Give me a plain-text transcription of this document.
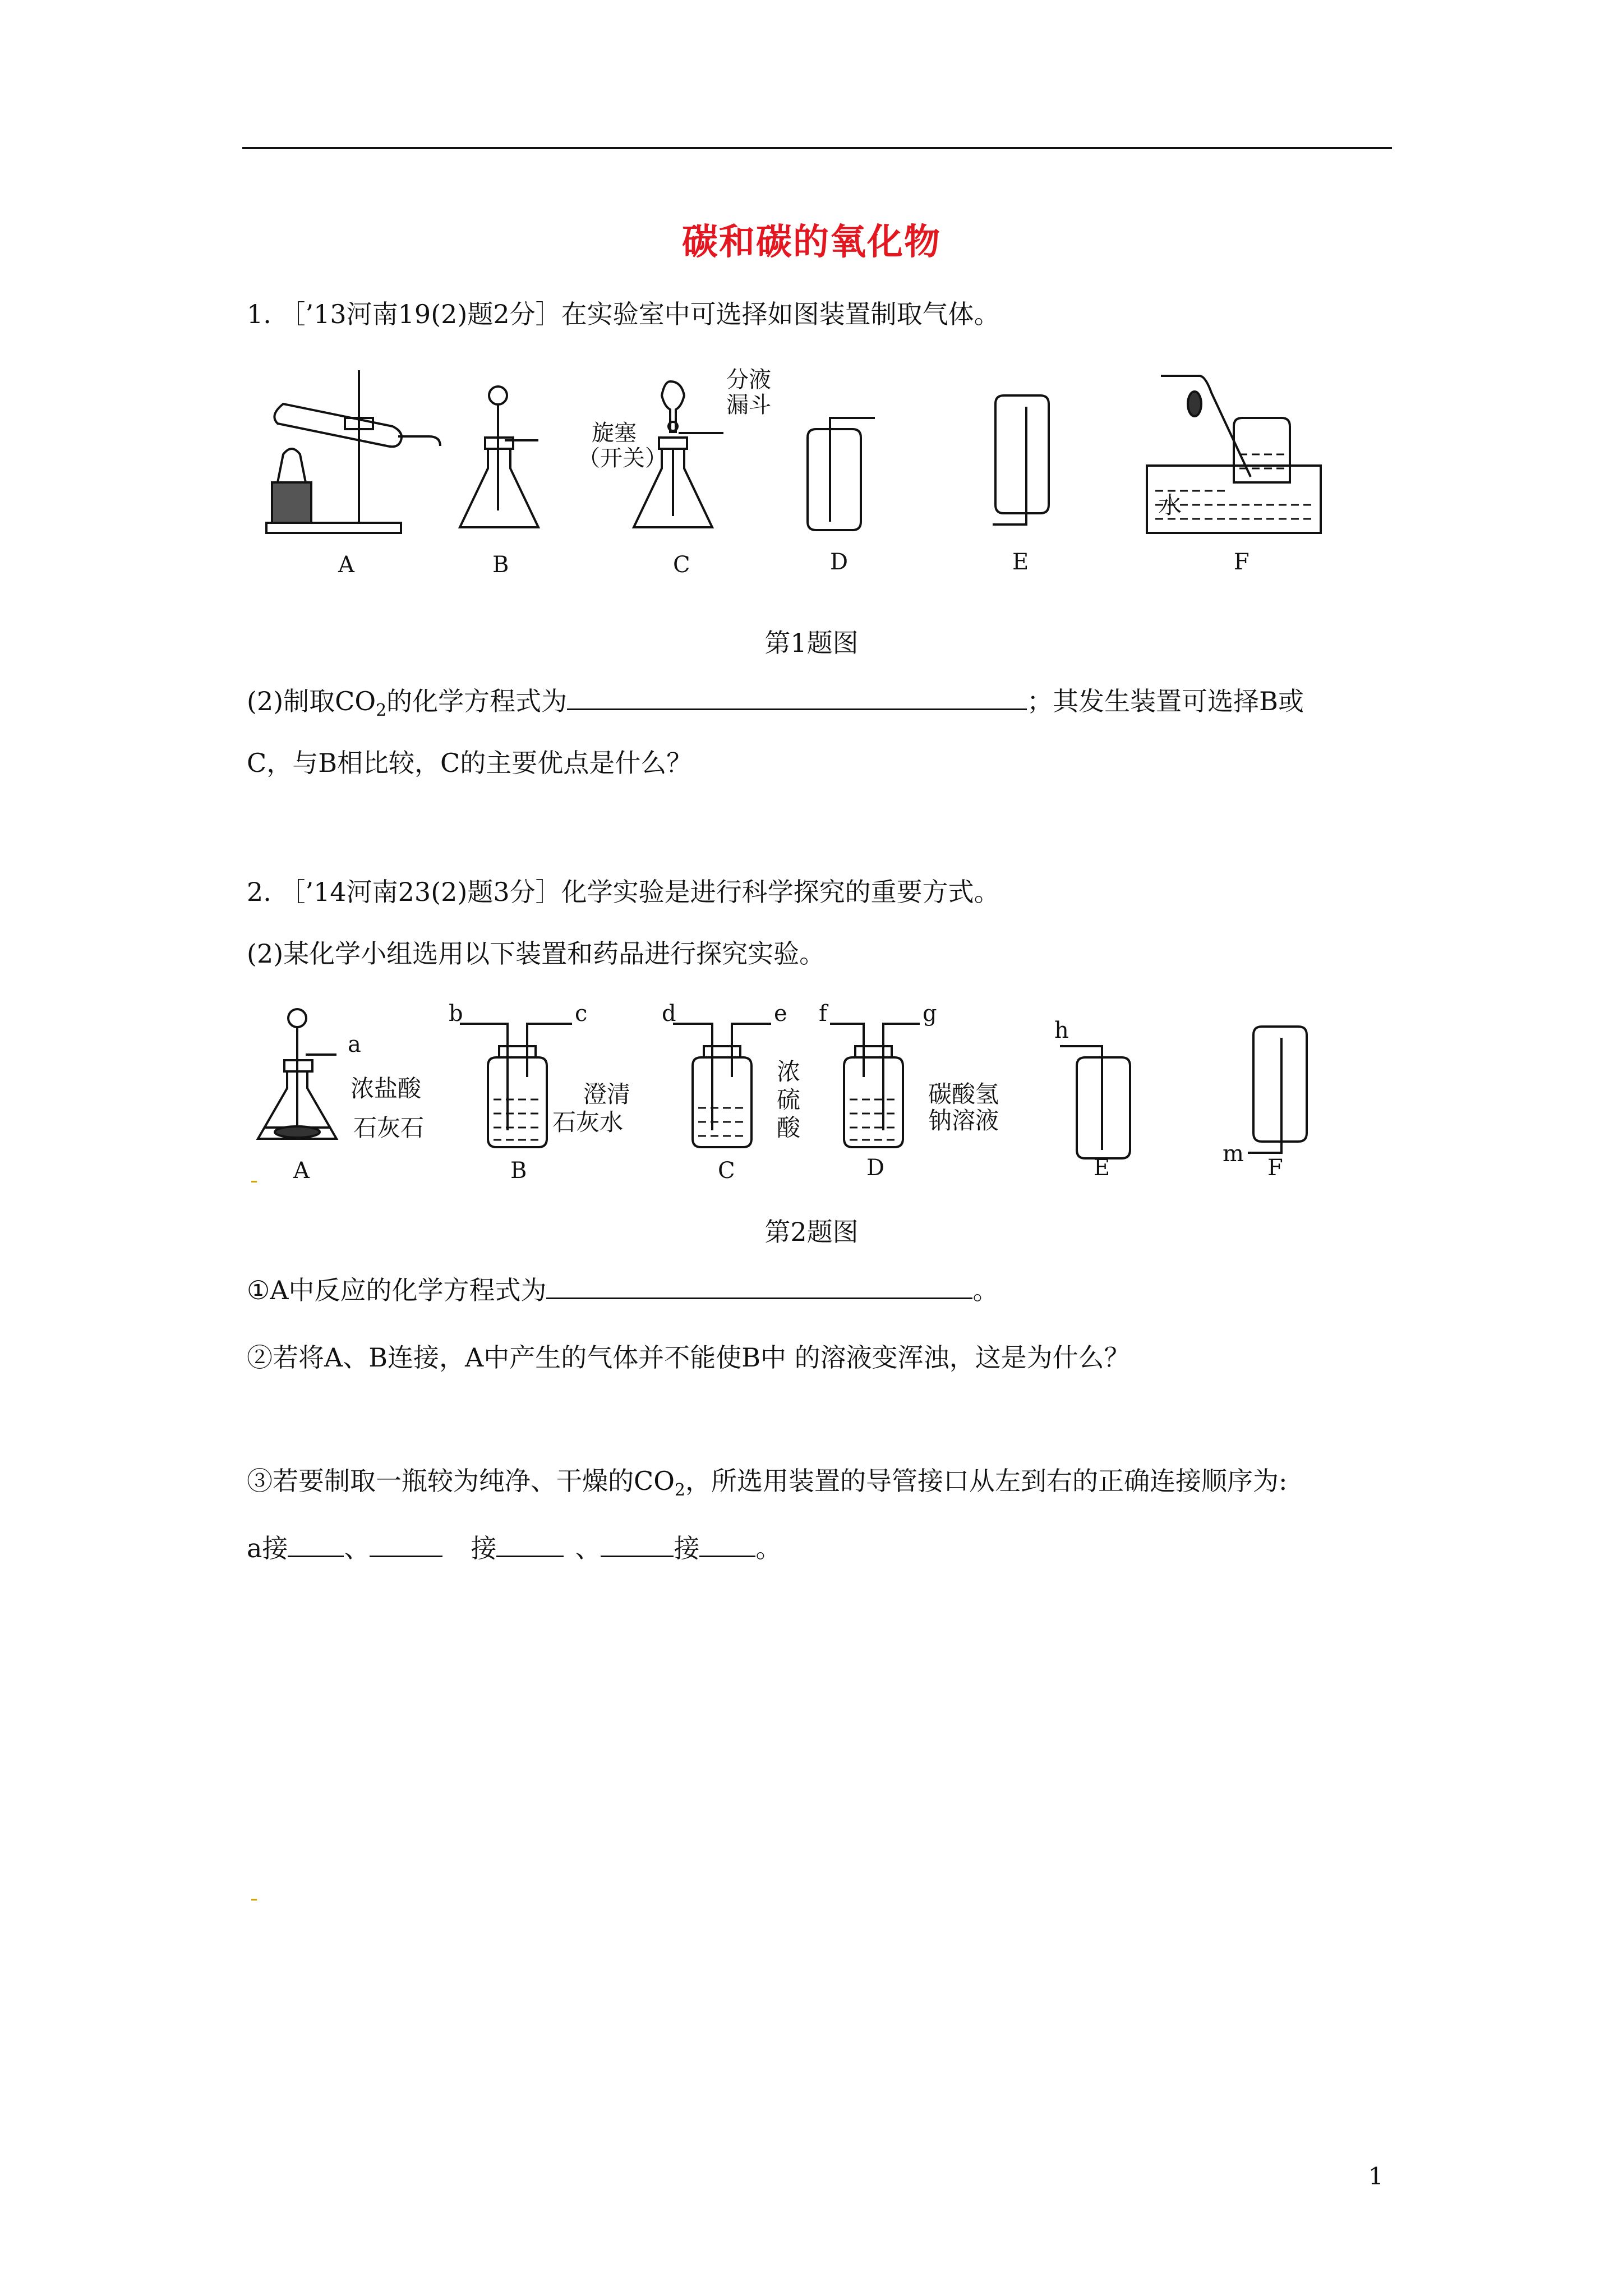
碳和碳的氧化物
1. ［’13河南19(2)题2分］在实验室中可选择如图装置制取气体。
分液
漏斗
旋塞
（开关）
水
A	B	C	D	E	F
第1题图
(2)制取$CO_2$的化学方程式为	；其发生装置可选择B或
C，与B相比较，C的主要优点是什么？
2. ［’14河南23(2)题3分］化学实验是进行科学探究的重要方式。
(2)某化学小组选用以下装置和药品进行探究实验。
a
b	c	d	e f	g
h
m
浓盐酸
石灰石
澄清
石灰水
浓
硫
酸
碳酸氢
钠溶液
A	B	C	D	E	F
第2题图
①A中反应的化学方程式为	。
②若将A、B连接，A中产生的气体并不能使B中 的溶液变浑浊，这是为什么？
③若要制取一瓶较为纯净、干燥的$CO_2$，所选用装置的导管接口从左到右的正确连接顺序为:
a接 、	接	、	接 。
1
